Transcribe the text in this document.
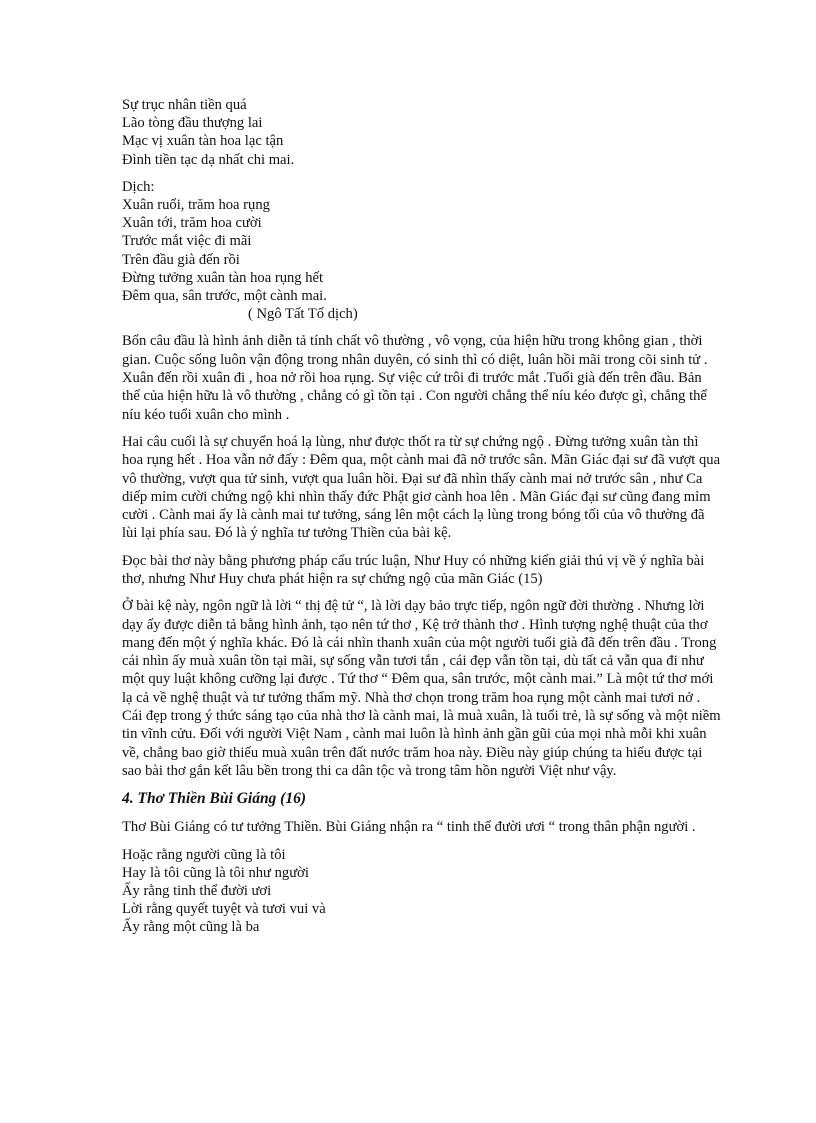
Sự trục nhân tiền quá
Lão tòng đầu thượng lai
Mạc vị xuân tàn hoa lạc tận
Đình tiền tạc dạ nhất chi mai.
Dịch:
Xuân ruổi, trăm hoa rụng
Xuân tới, trăm hoa cười
Trước mắt việc đi mãi
Trên đầu già đến rồi
Đừng tưởng xuân tàn hoa rụng hết
Đêm qua, sân trước, một cành mai.
( Ngô Tất Tố dịch)

Bốn câu đầu là hình ảnh diễn tả tính chất vô thường , vô vọng, của hiện hữu trong không gian , thời gian. Cuộc sống luôn vận động trong nhân duyên, có sinh thì có diệt, luân hồi mãi trong cõi sinh tử . Xuân đến rồi xuân đi , hoa nở rồi hoa rụng. Sự việc cứ trôi đi trước mắt .Tuổi già đến trên đầu. Bản thể của hiện hữu là vô thường , chẳng có gì tồn tại . Con người chẳng thể níu kéo được gì, chẳng thể níu kéo tuổi xuân cho mình .

Hai câu cuối là sự chuyển hoá lạ lùng, như được thốt ra từ sự chứng ngộ . Đừng tưởng xuân tàn thì hoa rụng hết . Hoa vẫn nở đấy : Đêm qua, một cành mai đã nở trước sân. Mãn Giác đại sư đã vượt qua vô thường, vượt qua tử sinh, vượt qua luân hồi. Đại sư đã nhìn thấy cành mai nở trước sân , như Ca diếp mỉm cười chứng ngộ khi nhìn thấy đức Phật giơ cành hoa lên . Mãn Giác đại sư cũng đang mỉm cười . Cành mai ấy là cành mai tư tưởng, sáng lên một cách lạ lùng trong bóng tối của vô thường đã lùi lại phía sau. Đó là ý nghĩa tư tưởng Thiền của bài kệ.

Đọc bài thơ này bằng phương pháp cấu trúc luận, Như Huy có những kiến giải thú vị về ý nghĩa bài thơ, nhưng Như Huy chưa phát hiện ra sự chứng ngộ của mãn Giác (15)

Ở bài kệ này, ngôn ngữ là lời “ thị đệ tử “, là lời dạy bảo trực tiếp, ngôn ngữ đời thường . Nhưng lời dạy ấy được diễn tả bằng hình ảnh, tạo nên tứ thơ , Kệ trở thành thơ . Hình tượng nghệ thuật của thơ mang đến một ý nghĩa khác. Đó là cái nhìn thanh xuân của một người tuổi già đã đến trên đầu . Trong cái nhìn ấy muà xuân tồn tại mãi, sự sống vẫn tươi tắn , cái đẹp vẫn tồn tại, dù tất cả vẫn qua đi như một quy luật không cưỡng lại được . Tứ thơ “ Đêm qua, sân trước, một cành mai.” Là một tứ thơ mới lạ cả về nghệ thuật và tư tưởng thẩm mỹ. Nhà thơ chọn trong trăm hoa rụng một cành mai tươi nở . Cái đẹp trong ý thức sáng tạo của nhà thơ là cành mai, là muà xuân, là tuổi trẻ, là sự sống và một niềm tin vĩnh cửu. Đối với người Việt Nam , cành mai luôn là hình ảnh gần gũi của mọi nhà mỗi khi xuân về, chẳng bao giờ thiếu muà xuân trên đất nước trăm hoa này. Điều này giúp chúng ta hiểu được tại sao bài thơ gắn kết lâu bền trong thi ca dân tộc và trong tâm hồn người Việt như vậy.

4. Thơ Thiền Bùi Giáng (16)

Thơ Bùi Giáng có tư tưởng Thiền. Bùi Giáng nhận ra “ tinh thể đười ươi “ trong thân phận người .

Hoặc rằng người cũng là tôi
Hay là tôi cũng là tôi như người
Ấy rằng tinh thể đười ươi
Lời rằng quyết tuyệt và tươi vui và
Ấy rằng một cũng là ba
